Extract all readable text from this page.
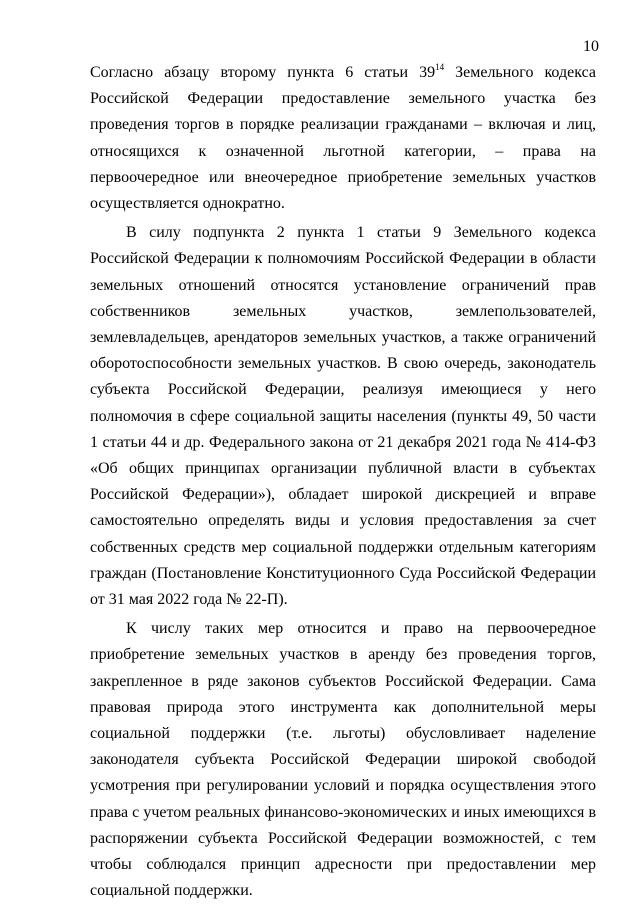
10

Согласно абзацу второму пункта 6 статьи $39^{14}$ Земельного кодекса Российской Федерации предоставление земельного участка без проведения торгов в порядке реализации гражданами – включая и лиц, относящихся к означенной льготной категории, – права на первоочередное или внеочередное приобретение земельных участков осуществляется однократно.

В силу подпункта 2 пункта 1 статьи 9 Земельного кодекса Российской Федерации к полномочиям Российской Федерации в области земельных отношений относятся установление ограничений прав собственников земельных участков, землепользователей, землевладельцев, арендаторов земельных участков, а также ограничений оборотоспособности земельных участков. В свою очередь, законодатель субъекта Российской Федерации, реализуя имеющиеся у него полномочия в сфере социальной защиты населения (пункты 49, 50 части 1 статьи 44 и др. Федерального закона от 21 декабря 2021 года № 414-ФЗ «Об общих принципах организации публичной власти в субъектах Российской Федерации»), обладает широкой дискрецией и вправе самостоятельно определять виды и условия предоставления за счет собственных средств мер социальной поддержки отдельным категориям граждан (Постановление Конституционного Суда Российской Федерации от 31 мая 2022 года № 22-П).

К числу таких мер относится и право на первоочередное приобретение земельных участков в аренду без проведения торгов, закрепленное в ряде законов субъектов Российской Федерации. Сама правовая природа этого инструмента как дополнительной меры социальной поддержки (т.е. льготы) обусловливает наделение законодателя субъекта Российской Федерации широкой свободой усмотрения при регулировании условий и порядка осуществления этого права с учетом реальных финансово-экономических и иных имеющихся в распоряжении субъекта Российской Федерации возможностей, с тем чтобы соблюдался принцип адресности при предоставлении мер социальной поддержки.
